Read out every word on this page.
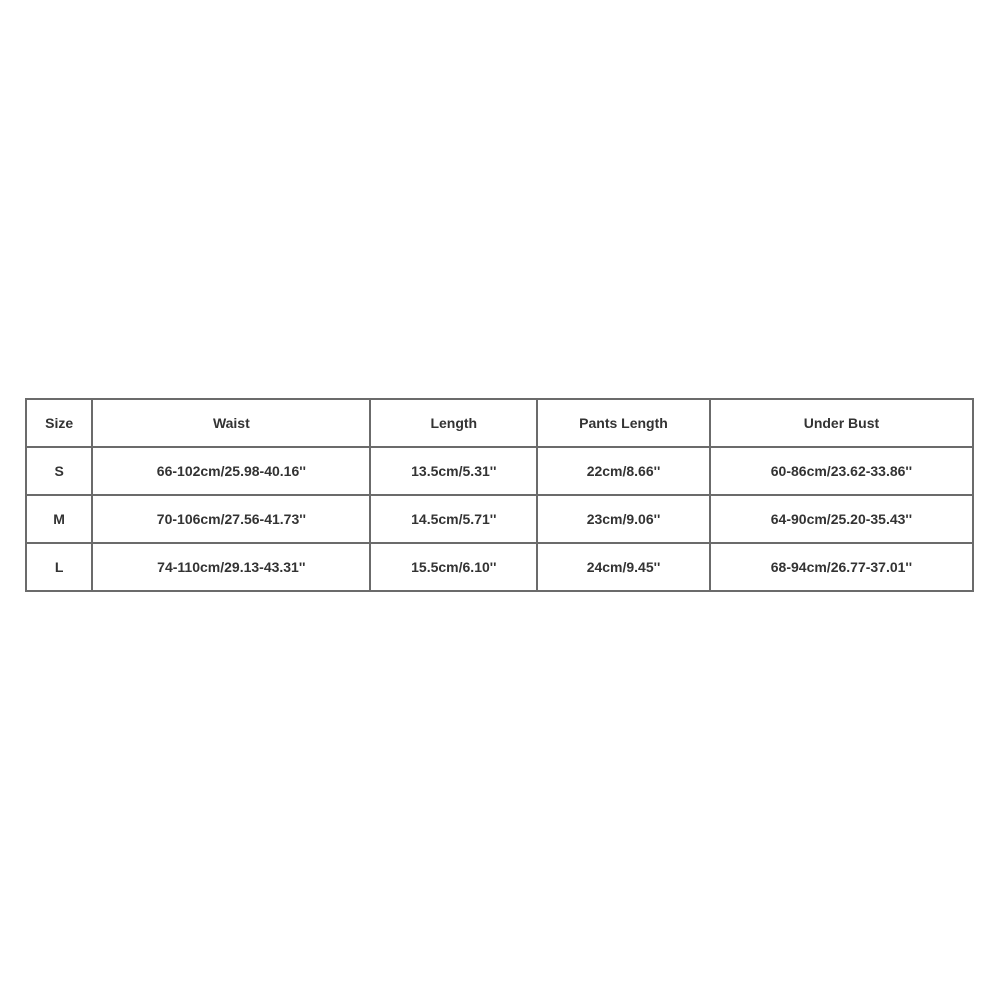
Size	Waist	Length	Pants Length	Under Bust
S	66-102cm/25.98-40.16''	13.5cm/5.31''	22cm/8.66''	60-86cm/23.62-33.86''
M	70-106cm/27.56-41.73''	14.5cm/5.71''	23cm/9.06''	64-90cm/25.20-35.43''
L	74-110cm/29.13-43.31''	15.5cm/6.10''	24cm/9.45''	68-94cm/26.77-37.01''
